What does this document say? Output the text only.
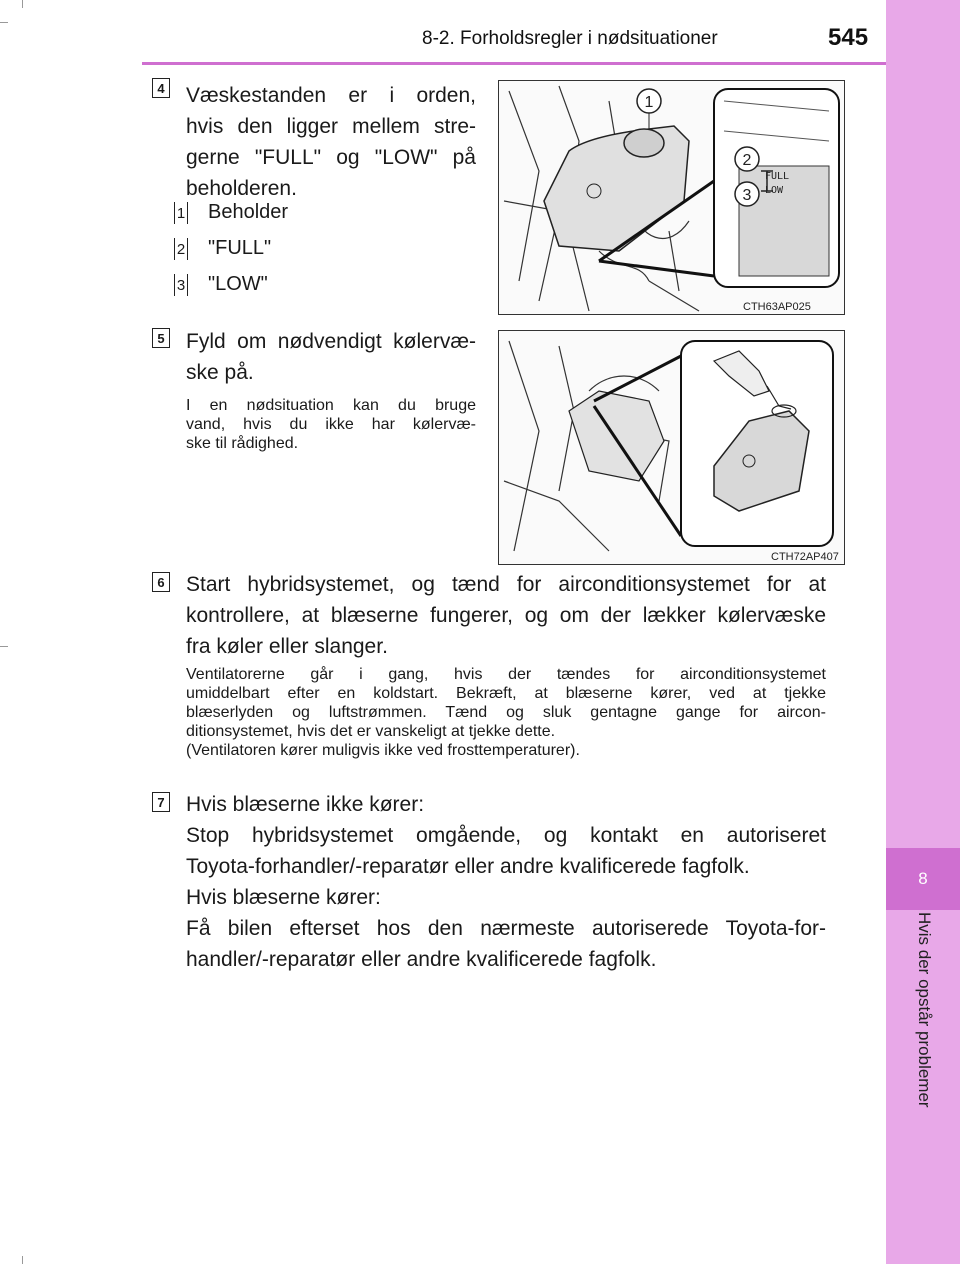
8
Hvis der opstår problemer
8-2. Forholdsregler i nødsituationer	545
4 Væskestanden er i orden,
hvis den ligger mellem stre-
gerne "FULL" og "LOW" på
beholderen.
1 Beholder
2 "FULL"
3 "LOW"
FULL
LOW
1
2
3
CTH63AP025
5 Fyld om nødvendigt kølervæ-
ske på.
I en nødsituation kan du bruge
vand, hvis du ikke har kølervæ-
ske til rådighed.
CTH72AP407
6 Start hybridsystemet, og tænd for airconditionsystemet for at
kontrollere, at blæserne fungerer, og om der lækker kølervæske
fra køler eller slanger.
Ventilatorerne går i gang, hvis der tændes for airconditionsystemet
umiddelbart efter en koldstart. Bekræft, at blæserne kører, ved at tjekke
blæserlyden og luftstrømmen. Tænd og sluk gentagne gange for aircon-
ditionsystemet, hvis det er vanskeligt at tjekke dette.
(Ventilatoren kører muligvis ikke ved frosttemperaturer).
7 Hvis blæserne ikke kører:
Stop hybridsystemet omgående, og kontakt en autoriseret
Toyota-forhandler/-reparatør eller andre kvalificerede fagfolk.
Hvis blæserne kører:
Få bilen efterset hos den nærmeste autoriserede Toyota-for-
handler/-reparatør eller andre kvalificerede fagfolk.
